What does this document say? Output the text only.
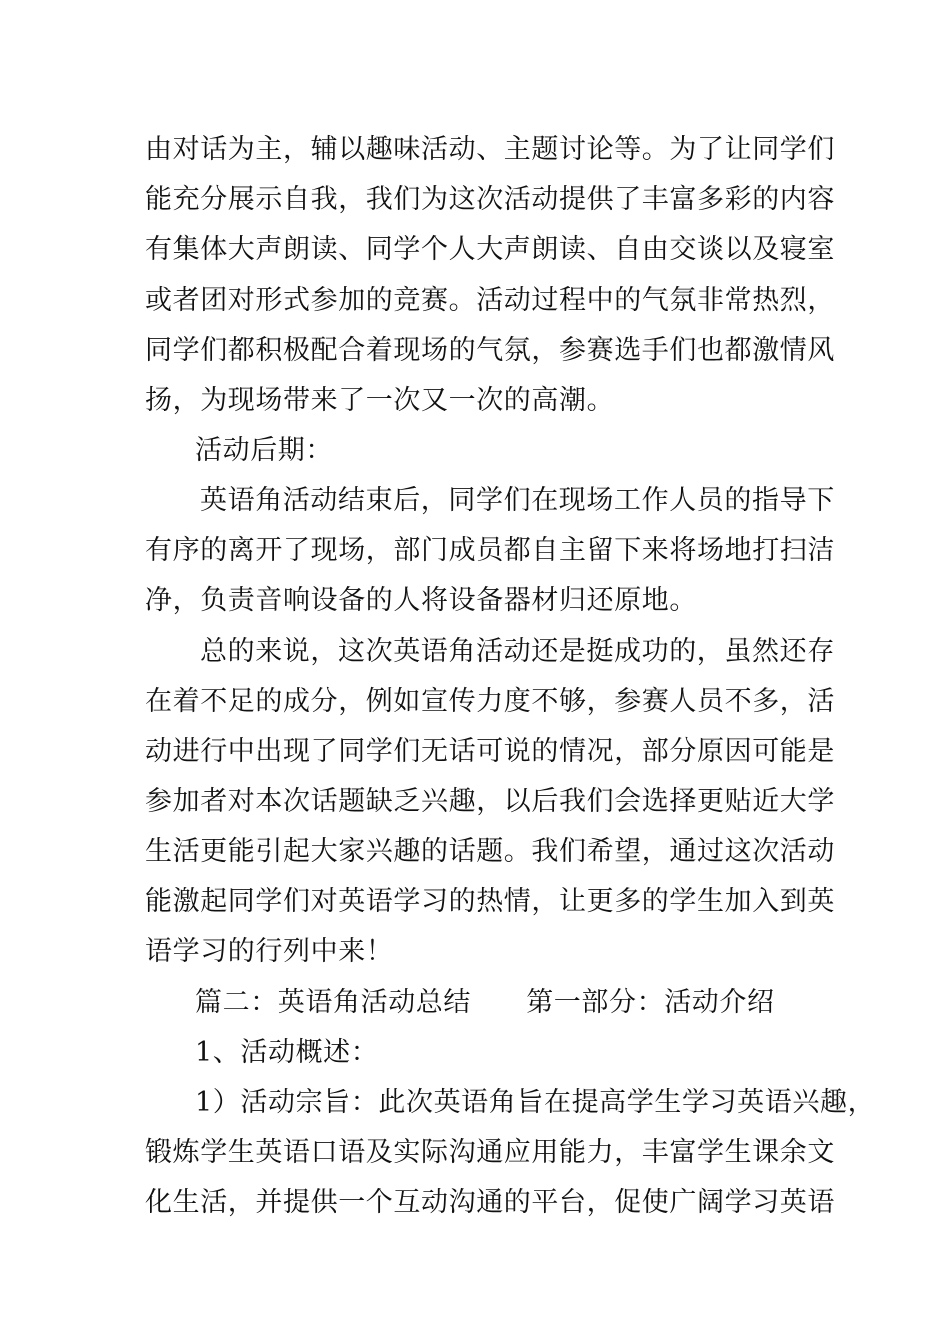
由对话为主，辅以趣味活动、主题讨论等。为了让同学们
能充分展示自我，我们为这次活动提供了丰富多彩的内容
有集体大声朗读、同学个人大声朗读、自由交谈以及寝室
或者团对形式参加的竞赛。活动过程中的气氛非常热烈，
同学们都积极配合着现场的气氛，参赛选手们也都激情风
扬，为现场带来了一次又一次的高潮。
活动后期：
英语角活动结束后，同学们在现场工作人员的指导下
有序的离开了现场，部门成员都自主留下来将场地打扫洁
净，负责音响设备的人将设备器材归还原地。
总的来说，这次英语角活动还是挺成功的，虽然还存
在着不足的成分，例如宣传力度不够，参赛人员不多，活
动进行中出现了同学们无话可说的情况，部分原因可能是
参加者对本次话题缺乏兴趣，以后我们会选择更贴近大学
生活更能引起大家兴趣的话题。我们希望，通过这次活动
能激起同学们对英语学习的热情，让更多的学生加入到英
语学习的行列中来！
篇二：英语角活动总结　　第一部分：活动介绍
1、活动概述：
1）活动宗旨：此次英语角旨在提高学生学习英语兴趣，
锻炼学生英语口语及实际沟通应用能力，丰富学生课余文
化生活，并提供一个互动沟通的平台，促使广阔学习英语
